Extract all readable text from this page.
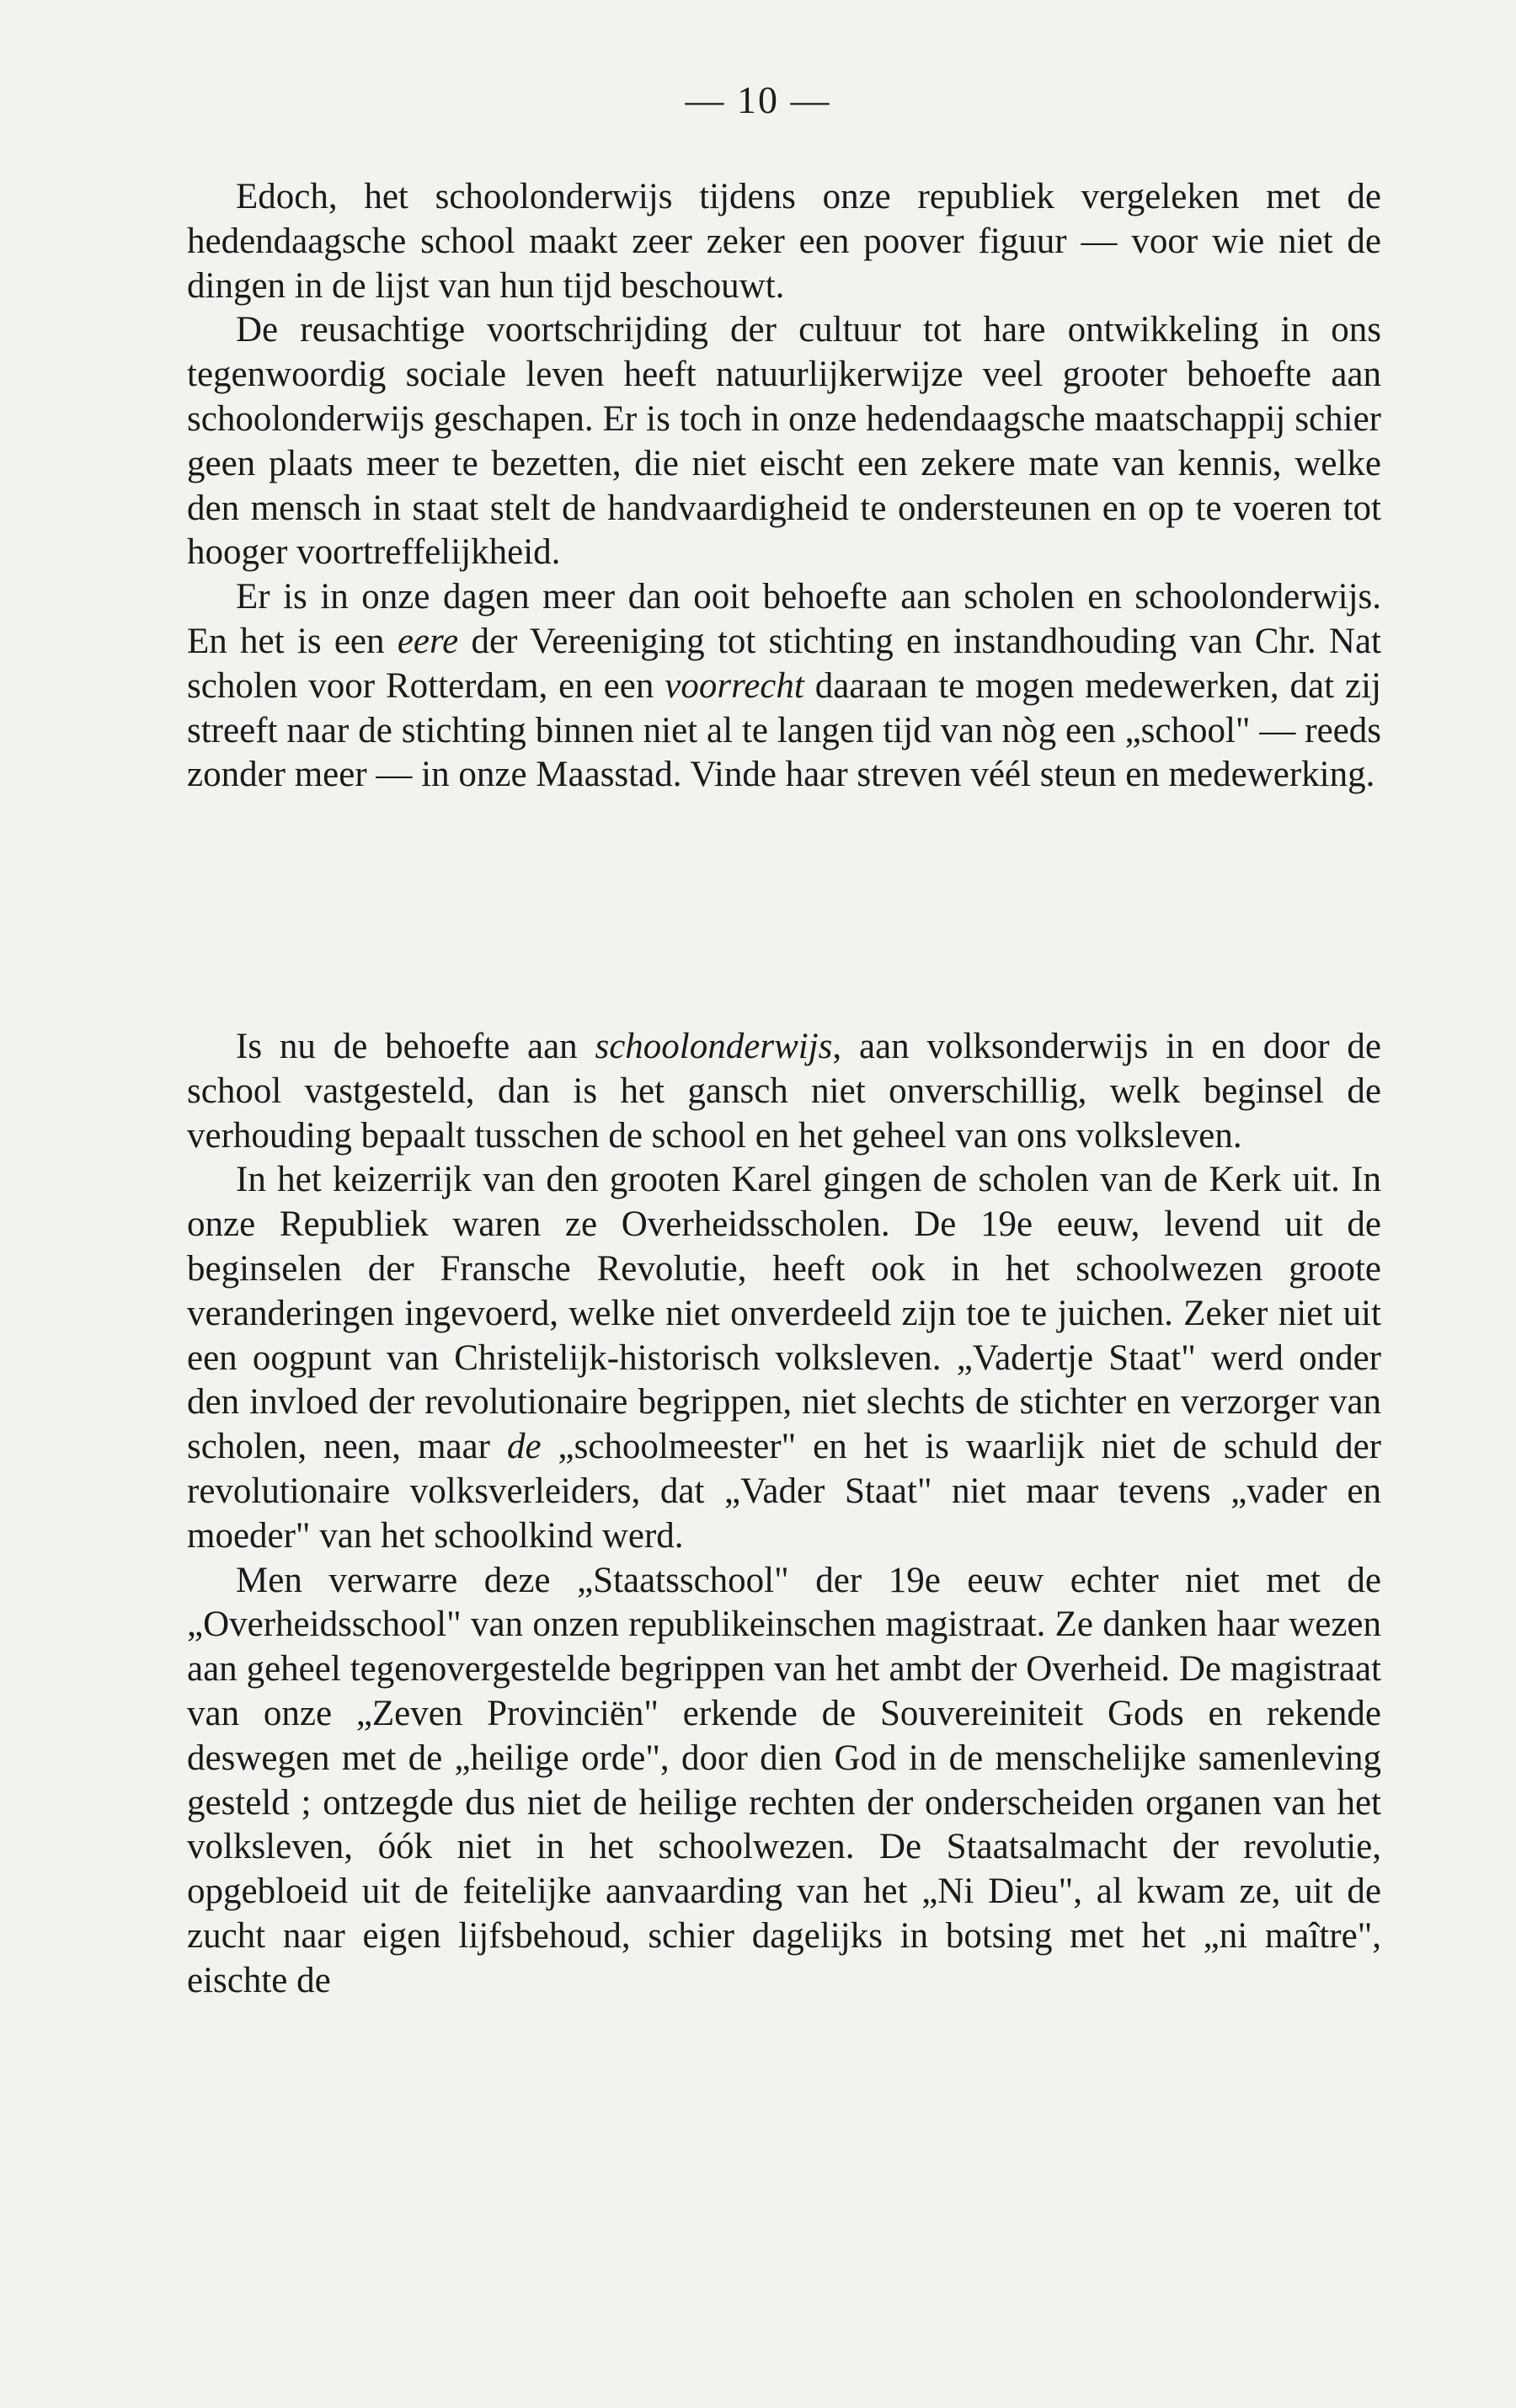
— 10 —

Edoch, het schoolonderwijs tijdens onze republiek vergeleken met de hedendaagsche school maakt zeer zeker een poover figuur — voor wie niet de dingen in de lijst van hun tijd beschouwt.

De reusachtige voortschrijding der cultuur tot hare ontwikkeling in ons tegenwoordig sociale leven heeft natuurlijkerwijze veel grooter behoefte aan schoolonderwijs geschapen. Er is toch in onze hedendaagsche maatschappij schier geen plaats meer te bezetten, die niet eischt een zekere mate van kennis, welke den mensch in staat stelt de handvaardigheid te ondersteunen en op te voeren tot hooger voortreffelijkheid.

Er is in onze dagen meer dan ooit behoefte aan scholen en schoolonderwijs. En het is een eere der Vereeniging tot stichting en instandhouding van Chr. Nat scholen voor Rotterdam, en een voorrecht daaraan te mogen medewerken, dat zij streeft naar de stichting binnen niet al te langen tijd van nòg een „school" — reeds zonder meer — in onze Maasstad. Vinde haar streven véél steun en medewerking.

Is nu de behoefte aan schoolonderwijs, aan volksonderwijs in en door de school vastgesteld, dan is het gansch niet onverschillig, welk beginsel de verhouding bepaalt tusschen de school en het geheel van ons volksleven.

In het keizerrijk van den grooten Karel gingen de scholen van de Kerk uit. In onze Republiek waren ze Overheidsscholen. De 19e eeuw, levend uit de beginselen der Fransche Revolutie, heeft ook in het schoolwezen groote veranderingen ingevoerd, welke niet onverdeeld zijn toe te juichen. Zeker niet uit een oogpunt van Christelijk-historisch volksleven. „Vadertje Staat" werd onder den invloed der revolutionaire begrippen, niet slechts de stichter en verzorger van scholen, neen, maar de „schoolmeester" en het is waarlijk niet de schuld der revolutionaire volksverleiders, dat „Vader Staat" niet maar tevens „vader en moeder" van het schoolkind werd.

Men verwarre deze „Staatsschool" der 19e eeuw echter niet met de „Overheidsschool" van onzen republikeinschen magistraat. Ze danken haar wezen aan geheel tegenovergestelde begrippen van het ambt der Overheid. De magistraat van onze „Zeven Provinciën" erkende de Souvereiniteit Gods en rekende deswegen met de „heilige orde", door dien God in de menschelijke samenleving gesteld ; ontzegde dus niet de heilige rechten der onderscheiden organen van het volksleven, óók niet in het schoolwezen. De Staatsalmacht der revolutie, opgebloeid uit de feitelijke aanvaarding van het „Ni Dieu", al kwam ze, uit de zucht naar eigen lijfsbehoud, schier dagelijks in botsing met het „ni maître", eischte de
